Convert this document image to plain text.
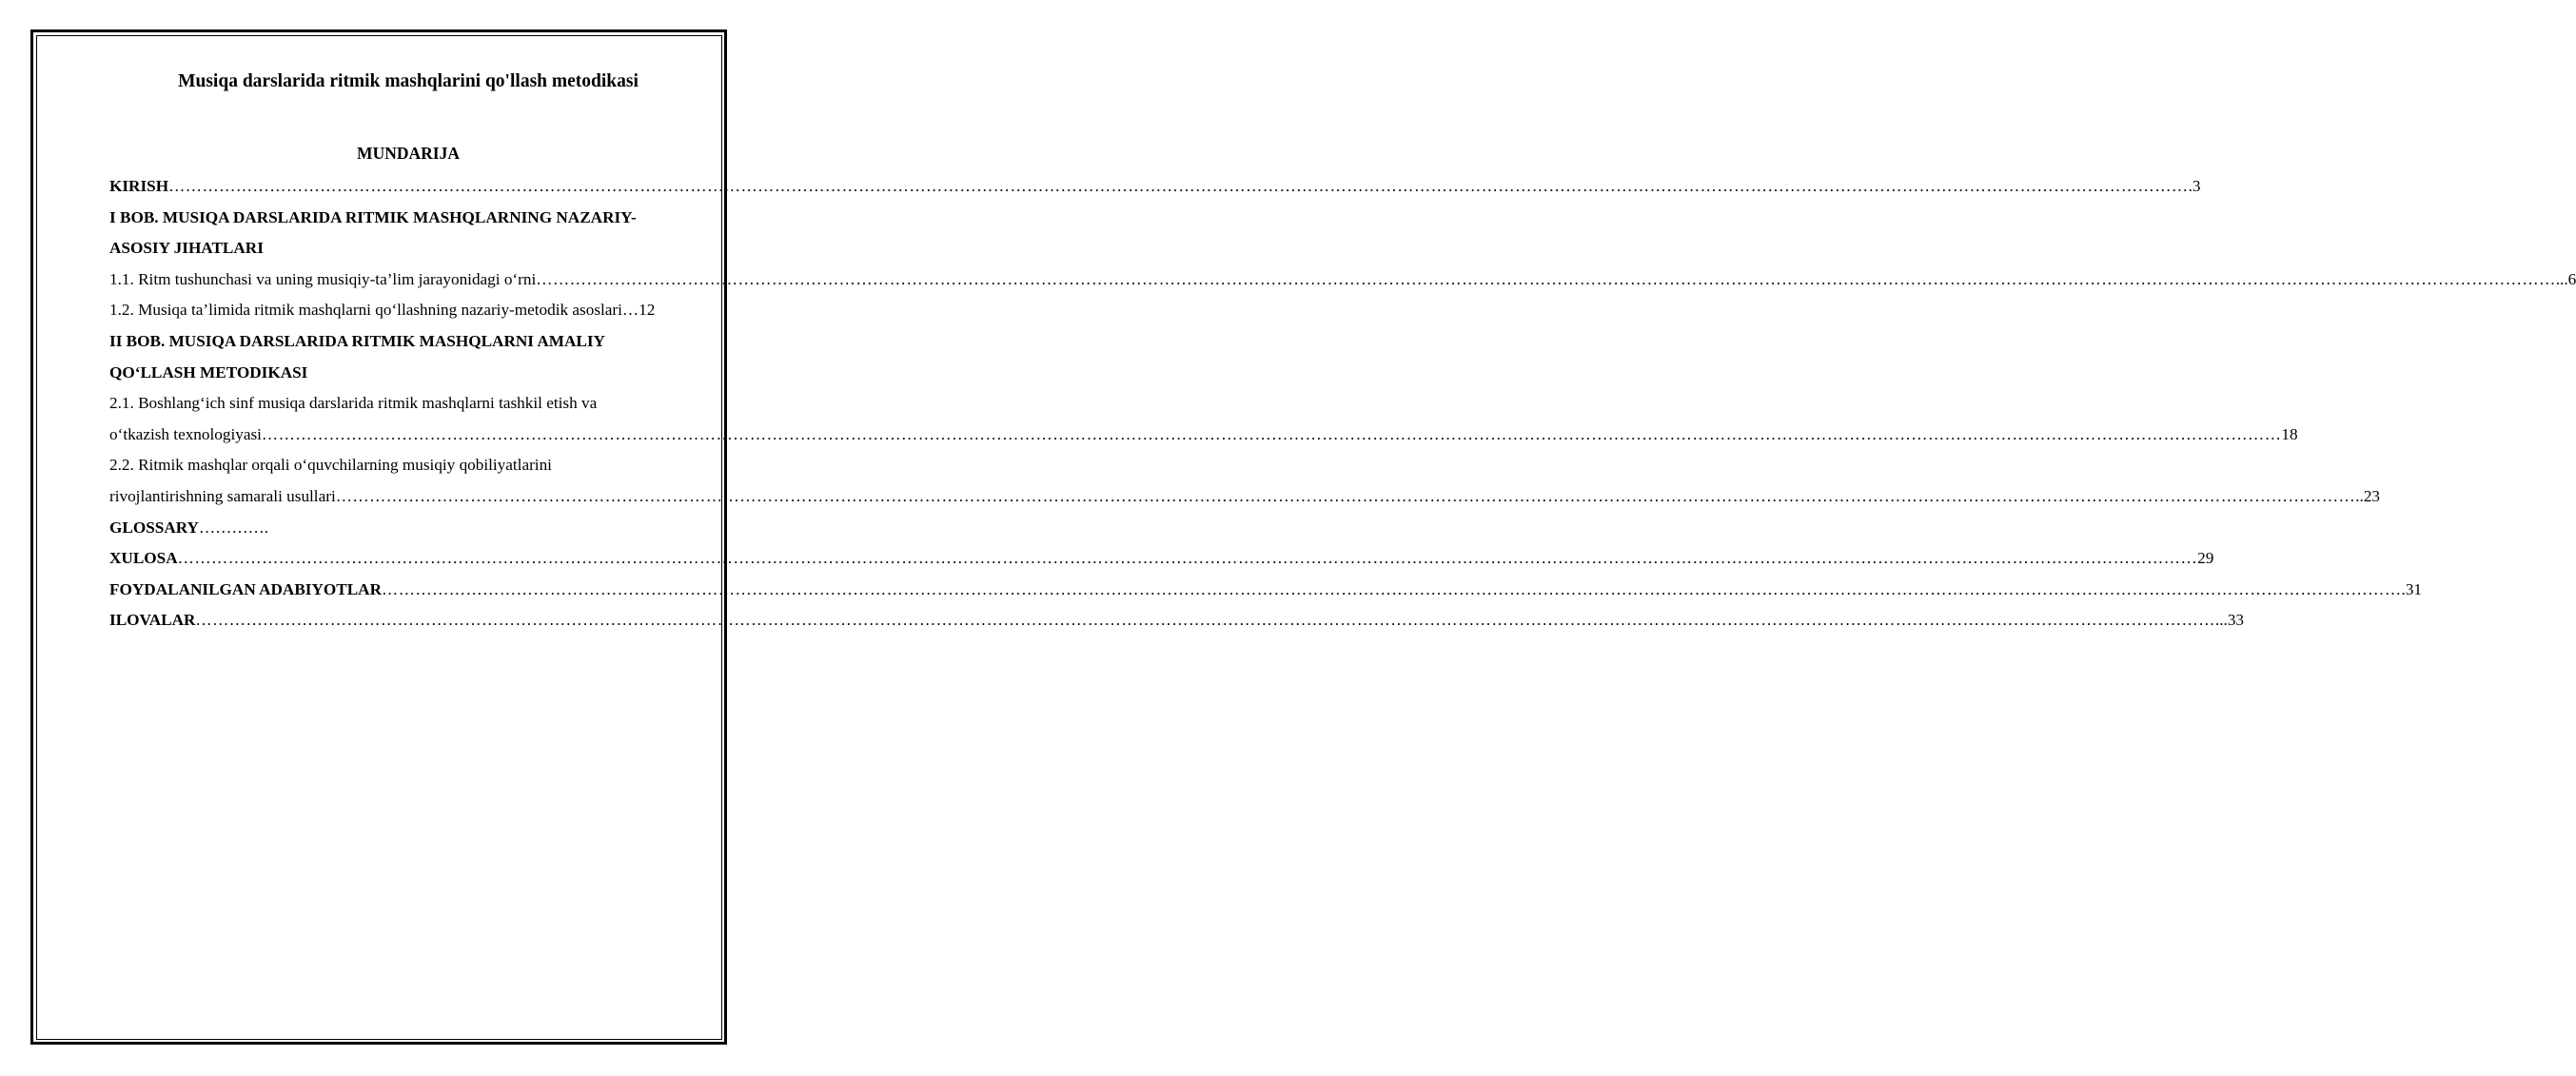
Musiqa darslarida ritmik mashqlarini qo'llash metodikasi
MUNDARIJA
KIRISH ……………………………………………………………………………………………………………………………………………………………………………………………………………………………………………………………………………………………………………………………… .3
I BOB. MUSIQA DARSLARIDA RITMIK MASHQLARNING NAZARIY-
ASOSIY JIHATLARI
1.1. Ritm tushunchasi va uning musiqiy-ta’lim jarayonidagi o‘rni ……………………………………………………………………………………………………………………………………………………………………………………………………………………………………………………………………………………………………………………………… ...6
1.2. Musiqa ta’limida ritmik mashqlarni qo‘llashning nazariy-metodik asoslari …12
II BOB. MUSIQA DARSLARIDA RITMIK MASHQLARNI AMALIY
QO‘LLASH METODIKASI
2.1. Boshlang‘ich sinf musiqa darslarida ritmik mashqlarni tashkil etish va
o‘tkazish texnologiyasi ……………………………………………………………………………………………………………………………………………………………………………………………………………………………………………………………………………………………………………………………… 18
2.2. Ritmik mashqlar orqali o‘quvchilarning musiqiy qobiliyatlarini
rivojlantirishning samarali usullari ……………………………………………………………………………………………………………………………………………………………………………………………………………………………………………………………………………………………………………………………… ..23
GLOSSARY………….
XULOSA ……………………………………………………………………………………………………………………………………………………………………………………………………………………………………………………………………………………………………………………………… 29
FOYDALANILGAN ADABIYOTLAR ……………………………………………………………………………………………………………………………………………………………………………………………………………………………………………………………………………………………………………………………… .31
ILOVALAR ……………………………………………………………………………………………………………………………………………………………………………………………………………………………………………………………………………………………………………………………… ...33
